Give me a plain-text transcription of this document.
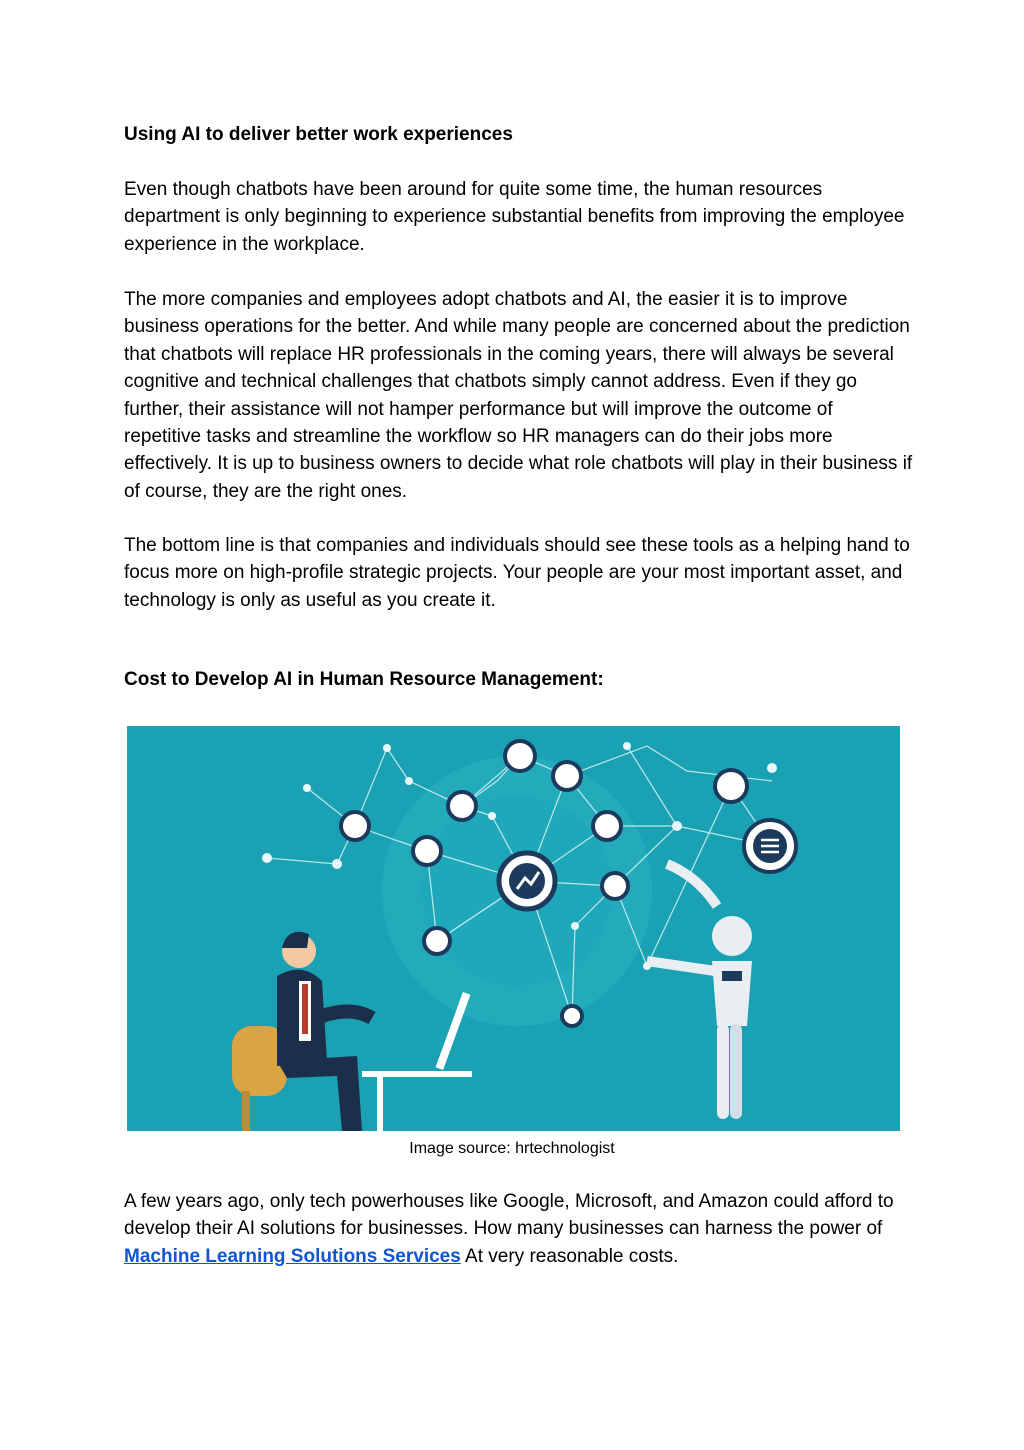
Using AI to deliver better work experiences

Even though chatbots have been around for quite some time, the human resources department is only beginning to experience substantial benefits from improving the employee experience in the workplace.

The more companies and employees adopt chatbots and AI, the easier it is to improve business operations for the better. And while many people are concerned about the prediction that chatbots will replace HR professionals in the coming years, there will always be several cognitive and technical challenges that chatbots simply cannot address. Even if they go further, their assistance will not hamper performance but will improve the outcome of repetitive tasks and streamline the workflow so HR managers can do their jobs more effectively. It is up to business owners to decide what role chatbots will play in their business if of course, they are the right ones.

The bottom line is that companies and individuals should see these tools as a helping hand to focus more on high-profile strategic projects. Your people are your most important asset, and technology is only as useful as you create it.

Cost to Develop AI in Human Resource Management:
Image source: hrtechnologist

A few years ago, only tech powerhouses like Google, Microsoft, and Amazon could afford to develop their AI solutions for businesses. How many businesses can harness the power of Machine Learning Solutions Services At very reasonable costs.
